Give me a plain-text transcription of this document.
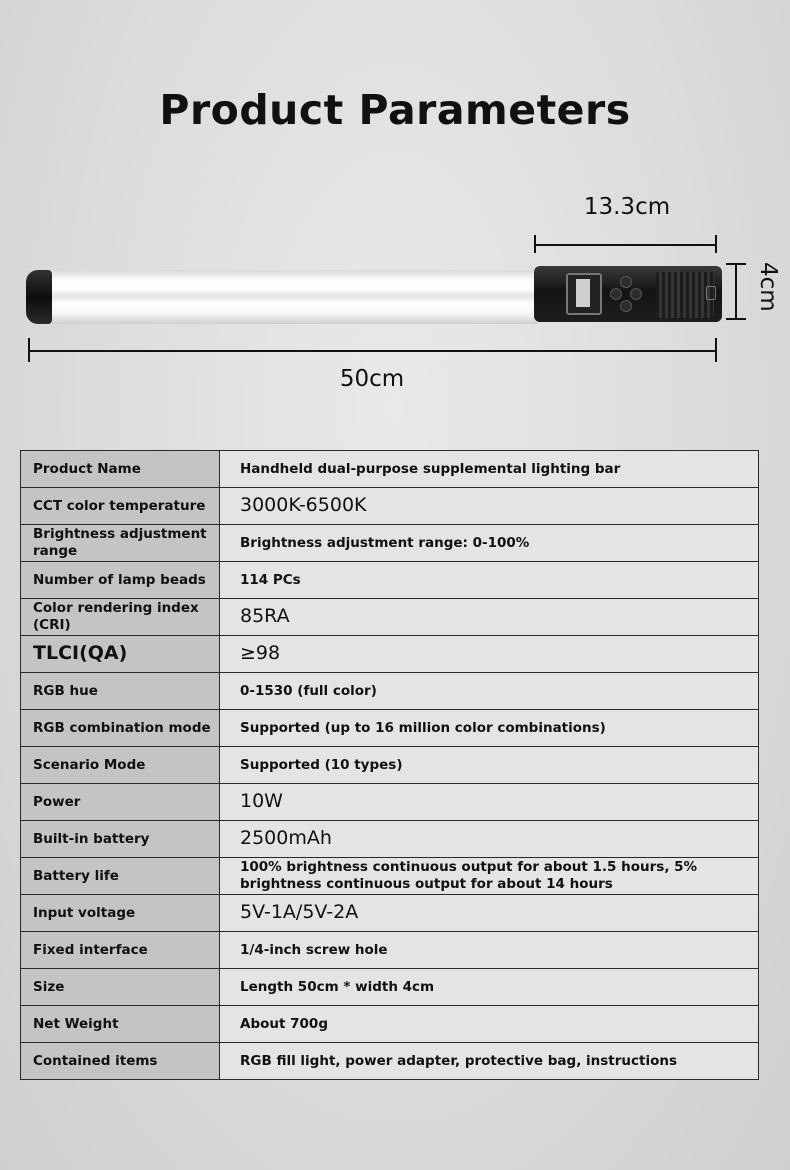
Product Parameters
13.3cm
4cm
50cm
Product Name	Handheld dual-purpose supplemental lighting bar
CCT color temperature	3000K-6500K
Brightness adjustment range	Brightness adjustment range: 0-100%
Number of lamp beads	114 PCs
Color rendering index (CRI)	85RA
TLCI(QA)	≥98
RGB hue	0-1530 (full color)
RGB combination mode	Supported (up to 16 million color combinations)
Scenario Mode	Supported (10 types)
Power	10W
Built-in battery	2500mAh
Battery life	100% brightness continuous output for about 1.5 hours, 5% brightness continuous output for about 14 hours
Input voltage	5V-1A/5V-2A
Fixed interface	1/4-inch screw hole
Size	Length 50cm * width 4cm
Net Weight	About 700g
Contained items	RGB fill light, power adapter, protective bag, instructions
